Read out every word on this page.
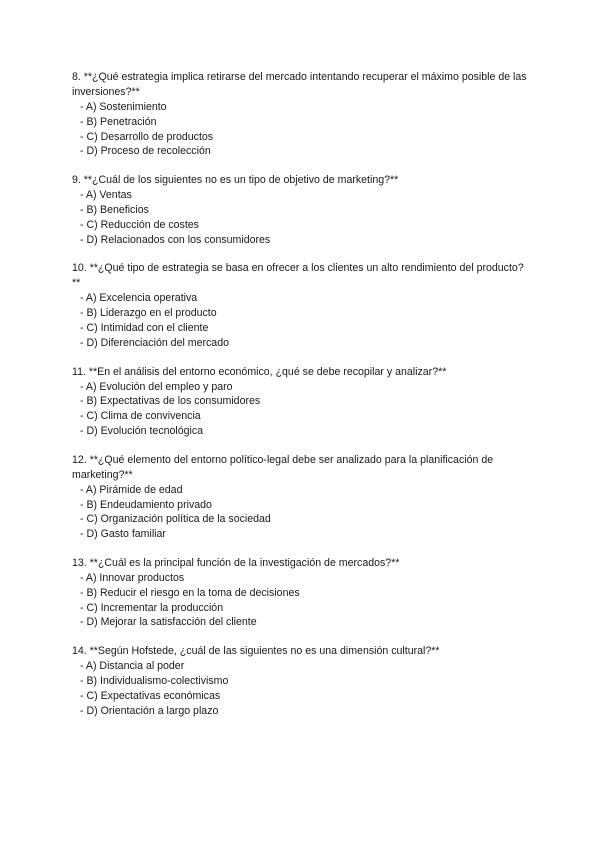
8 . **¿Qué estrategia implica retirarse del mercado intentando recuperar el máximo posible de las inversiones?**

- A) Sostenimiento
- B) Penetración
- C) Desarrollo de productos
- D) Proceso de recolección

9 . **¿Cuál de los siguientes no es un tipo de objetivo de marketing?**

- A) Ventas
- B) Beneficios
- C) Reducción de costes
- D) Relacionados con los consumidores

10 . **¿Qué tipo de estrategia se basa en ofrecer a los clientes un alto rendimiento del producto?**

- A) Excelencia operativa
- B) Liderazgo en el producto
- C) Intimidad con el cliente
- D) Diferenciación del mercado

11 . **En el análisis del entorno económico, ¿qué se debe recopilar y analizar?**

- A) Evolución del empleo y paro
- B) Expectativas de los consumidores
- C) Clima de convivencia
- D) Evolución tecnológica

12 . **¿Qué elemento del entorno político-legal debe ser analizado para la planificación de marketing?**

- A) Pirámide de edad
- B) Endeudamiento privado
- C) Organización política de la sociedad
- D) Gasto familiar

13 . **¿Cuál es la principal función de la investigación de mercados?**

- A) Innovar productos
- B) Reducir el riesgo en la toma de decisiones
- C) Incrementar la producción
- D) Mejorar la satisfacción del cliente

14 . **Según Hofstede, ¿cuál de las siguientes no es una dimensión cultural?**

- A) Distancia al poder
- B) Individualismo-colectivismo
- C) Expectativas económicas
- D) Orientación a largo plazo
